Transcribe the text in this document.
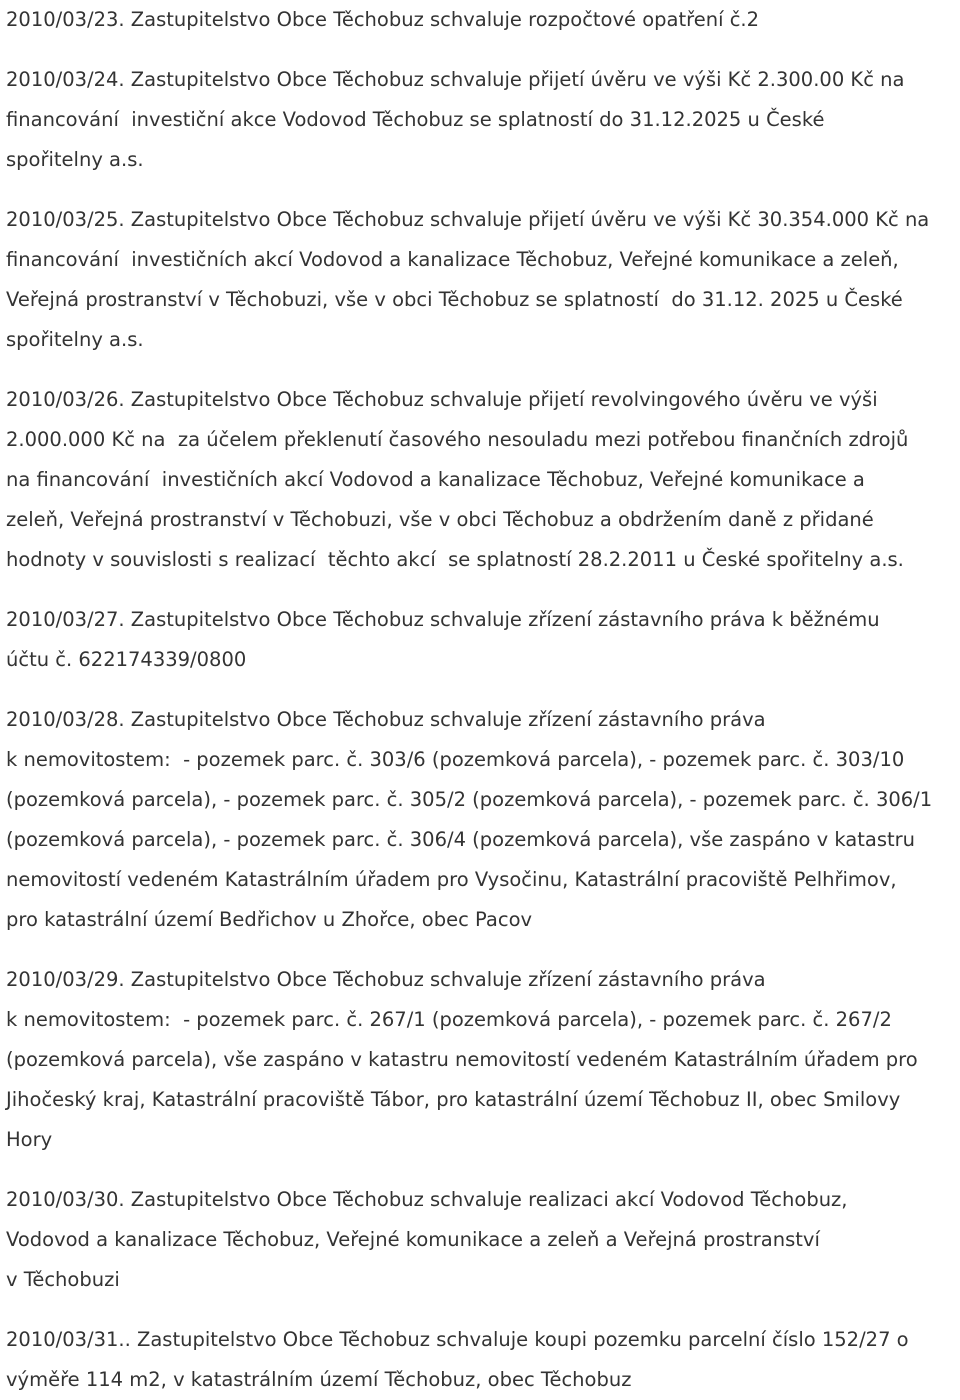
2010/03/23. Zastupitelstvo Obce Těchobuz schvaluje rozpočtové opatření č.2
2010/03/24. Zastupitelstvo Obce Těchobuz schvaluje přijetí úvěru ve výši Kč 2.300.00 Kč na
financování  investiční akce Vodovod Těchobuz se splatností do 31.12.2025 u České
spořitelny a.s.
2010/03/25. Zastupitelstvo Obce Těchobuz schvaluje přijetí úvěru ve výši Kč 30.354.000 Kč na
financování  investičních akcí Vodovod a kanalizace Těchobuz, Veřejné komunikace a zeleň,
Veřejná prostranství v Těchobuzi, vše v obci Těchobuz se splatností  do 31.12. 2025 u České
spořitelny a.s.
2010/03/26. Zastupitelstvo Obce Těchobuz schvaluje přijetí revolvingového úvěru ve výši
2.000.000 Kč na  za účelem překlenutí časového nesouladu mezi potřebou finančních zdrojů
na financování  investičních akcí Vodovod a kanalizace Těchobuz, Veřejné komunikace a
zeleň, Veřejná prostranství v Těchobuzi, vše v obci Těchobuz a obdržením daně z přidané
hodnoty v souvislosti s realizací  těchto akcí  se splatností 28.2.2011 u České spořitelny a.s.
2010/03/27. Zastupitelstvo Obce Těchobuz schvaluje zřízení zástavního práva k běžnému
účtu č. 622174339/0800
2010/03/28. Zastupitelstvo Obce Těchobuz schvaluje zřízení zástavního práva
k nemovitostem:  - pozemek parc. č. 303/6 (pozemková parcela), - pozemek parc. č. 303/10
(pozemková parcela), - pozemek parc. č. 305/2 (pozemková parcela), - pozemek parc. č. 306/1
(pozemková parcela), - pozemek parc. č. 306/4 (pozemková parcela), vše zaspáno v katastru
nemovitostí vedeném Katastrálním úřadem pro Vysočinu, Katastrální pracoviště Pelhřimov,
pro katastrální území Bedřichov u Zhořce, obec Pacov
2010/03/29. Zastupitelstvo Obce Těchobuz schvaluje zřízení zástavního práva
k nemovitostem:  - pozemek parc. č. 267/1 (pozemková parcela), - pozemek parc. č. 267/2
(pozemková parcela), vše zaspáno v katastru nemovitostí vedeném Katastrálním úřadem pro
Jihočeský kraj, Katastrální pracoviště Tábor, pro katastrální území Těchobuz II, obec Smilovy
Hory
2010/03/30. Zastupitelstvo Obce Těchobuz schvaluje realizaci akcí Vodovod Těchobuz,
Vodovod a kanalizace Těchobuz, Veřejné komunikace a zeleň a Veřejná prostranství
v Těchobuzi
2010/03/31.. Zastupitelstvo Obce Těchobuz schvaluje koupi pozemku parcelní číslo 152/27 o
výměře 114 m2, v katastrálním území Těchobuz, obec Těchobuz
